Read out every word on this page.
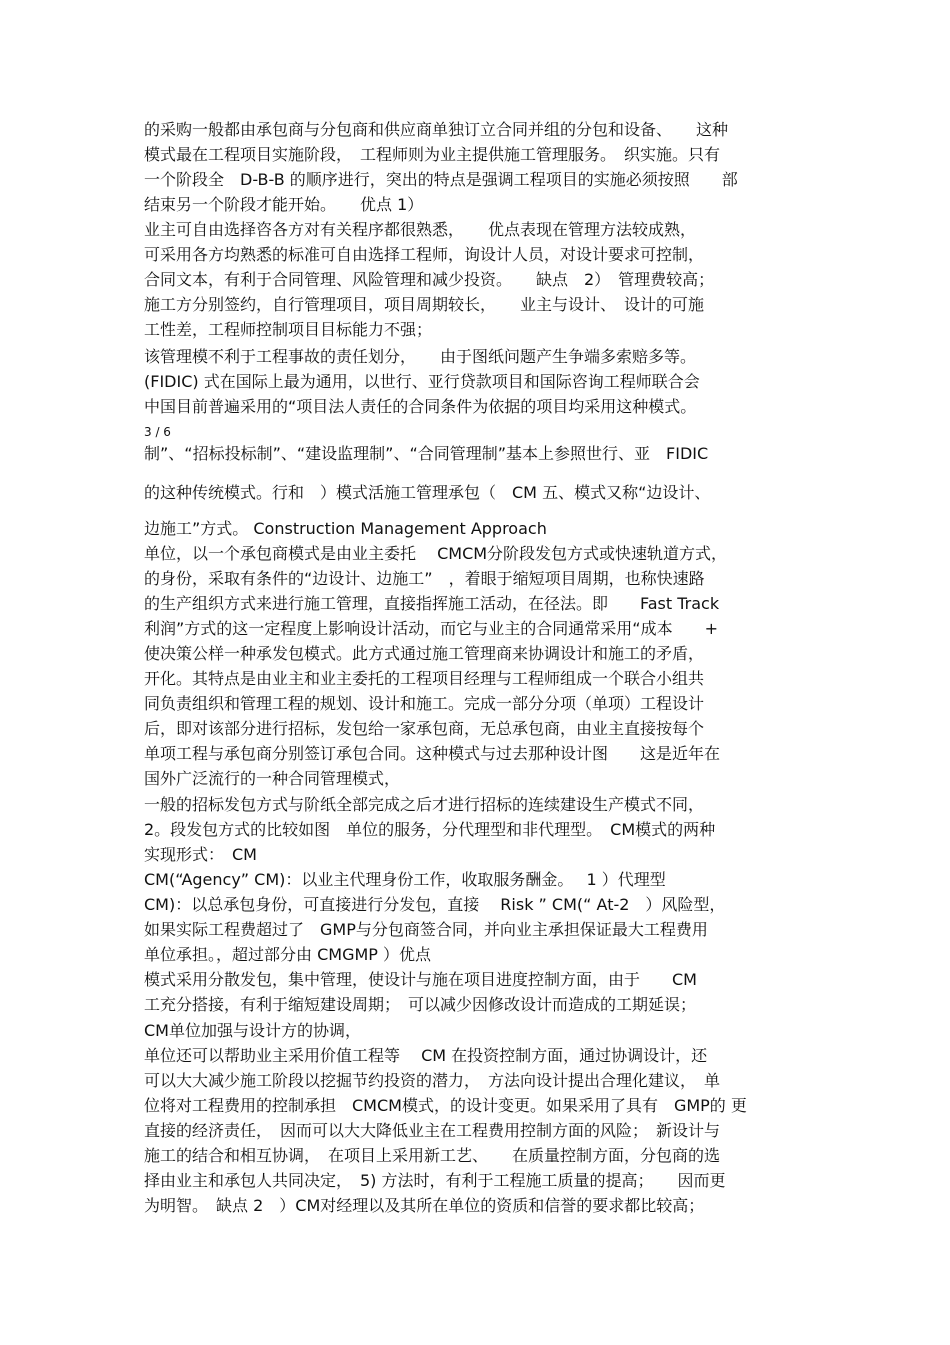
的采购一般都由承包商与分包商和供应商单独订立合同并组的分包和设备、　　这种
模式最在工程项目实施阶段，　工程师则为业主提供施工管理服务。　织实施。只有
一个阶段全　D-B-B 的顺序进行，突出的特点是强调工程项目的实施必须按照　　部
结束另一个阶段才能开始。　　优点 1）
业主可自由选择咨各方对有关程序都很熟悉，　　优点表现在管理方法较成熟，
可采用各方均熟悉的标准可自由选择工程师，询设计人员，对设计要求可控制，
合同文本，有利于合同管理、风险管理和减少投资。　　缺点　2）　管理费较高；
施工方分别签约，自行管理项目，项目周期较长，　　业主与设计、　设计的可施
工性差，工程师控制项目目标能力不强；
该管理模不利于工程事故的责任划分，　　由于图纸问题产生争端多索赔多等。
(FIDIC) 式在国际上最为通用，以世行、亚行贷款项目和国际咨询工程师联合会
中国目前普遍采用的“项目法人责任的合同条件为依据的项目均采用这种模式。
3 / 6
制”、“招标投标制”、“建设监理制”、“合同管理制”基本上参照世行、亚　FIDIC
的这种传统模式。行和　）模式活施工管理承包（　CM 五、模式又称“边设计、
边施工”方式。 Construction Management Approach
单位，以一个承包商模式是由业主委托　 CMCM分阶段发包方式或快速轨道方式，
的身份，采取有条件的“边设计、边施工”　，着眼于缩短项目周期，也称快速路
的生产组织方式来进行施工管理，直接指挥施工活动，在径法。即　　Fast Track
利润”方式的这一定程度上影响设计活动，而它与业主的合同通常采用“成本　　+
使决策公样一种承发包模式。此方式通过施工管理商来协调设计和施工的矛盾，
开化。其特点是由业主和业主委托的工程项目经理与工程师组成一个联合小组共
同负责组织和管理工程的规划、设计和施工。完成一部分分项（单项）工程设计
后，即对该部分进行招标，发包给一家承包商，无总承包商，由业主直接按每个
单项工程与承包商分别签订承包合同。这种模式与过去那种设计图　　这是近年在
国外广泛流行的一种合同管理模式，
一般的招标发包方式与阶纸全部完成之后才进行招标的连续建设生产模式不同，
2。段发包方式的比较如图　单位的服务，分代理型和非代理型。　CM模式的两种
实现形式：　CM
CM(“Agency” CM)：以业主代理身份工作，收取服务酬金。　 1 ）代理型
CM)：以总承包身份，可直接进行分发包，直接　 Risk ” CM(“ At-2　）风险型，
如果实际工程费超过了　GMP与分包商签合同，并向业主承担保证最大工程费用
单位承担。，超过部分由 CMGMP ）优点
模式采用分散发包，集中管理，使设计与施在项目进度控制方面，由于　　CM
工充分搭接，有利于缩短建设周期；　可以减少因修改设计而造成的工期延误；
CM单位加强与设计方的协调，
单位还可以帮助业主采用价值工程等　 CM 在投资控制方面，通过协调设计，还
可以大大减少施工阶段以挖掘节约投资的潜力，　方法向设计提出合理化建议，　单
位将对工程费用的控制承担　CMCM模式，的设计变更。如果采用了具有　GMP的 更
直接的经济责任，　因而可以大大降低业主在工程费用控制方面的风险；　新设计与
施工的结合和相互协调，　在项目上采用新工艺、　　在质量控制方面，分包商的选
择由业主和承包人共同决定，　5) 方法时，有利于工程施工质量的提高；　　因而更
为明智。　缺点 2　）CM对经理以及其所在单位的资质和信誉的要求都比较高；
